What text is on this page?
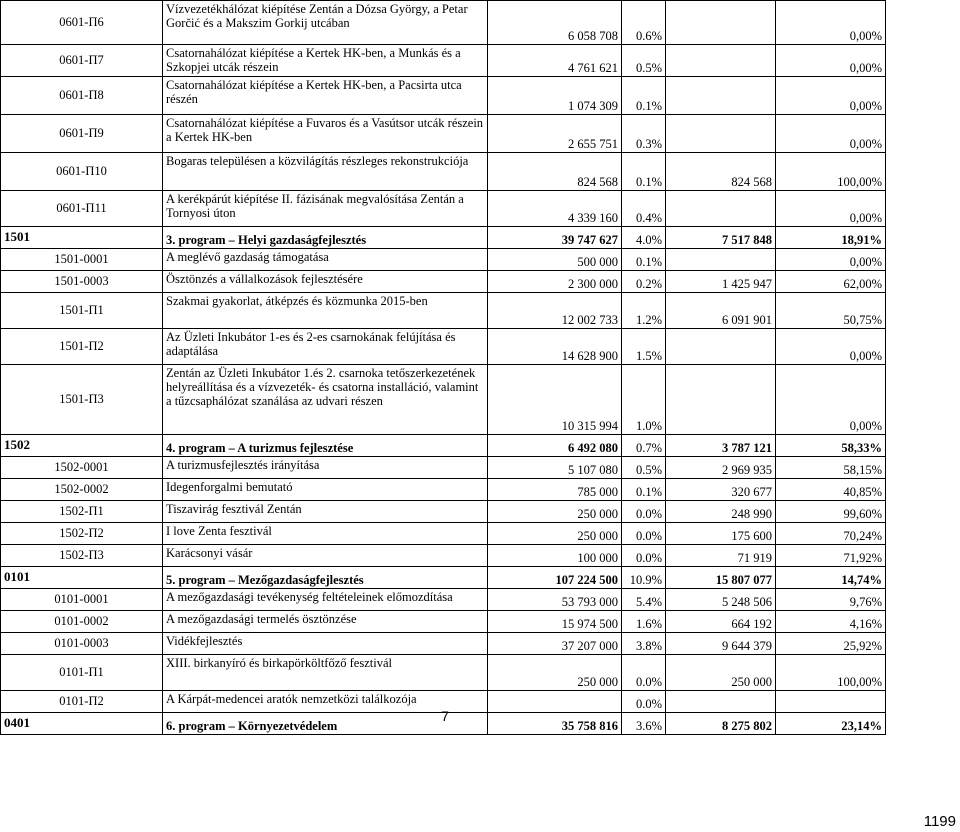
0601-П6		Vízvezetékhálózat kiépítése Zentán a Dózsa György, a Petar Gorčić és a Makszim Gorkij utcában	6 058 708	0.6%		0,00%
0601-П7		Csatornahálózat kiépítése a Kertek HK-ben, a Munkás és a Szkopjei utcák részein	4 761 621	0.5%		0,00%
0601-П8		Csatornahálózat kiépítése a Kertek HK-ben, a Pacsirta utca részén	1 074 309	0.1%		0,00%
0601-П9		Csatornahálózat kiépítése a Fuvaros és a Vasútsor utcák részein a Kertek HK-ben	2 655 751	0.3%		0,00%
0601-П10		Bogaras településen a közvilágítás részleges rekonstrukciója	824 568	0.1%	824 568	100,00%
0601-П11		A kerékpárút kiépítése II. fázisának megvalósítása Zentán a Tornyosi úton	4 339 160	0.4%		0,00%
1501		3. program – Helyi gazdaságfejlesztés	39 747 627	4.0%	7 517 848	18,91%
1501-0001		A meglévő gazdaság támogatása	500 000	0.1%		0,00%
1501-0003		Ösztönzés a vállalkozások fejlesztésére	2 300 000	0.2%	1 425 947	62,00%
1501-П1		Szakmai gyakorlat, átképzés és közmunka 2015-ben	12 002 733	1.2%	6 091 901	50,75%
1501-П2		Az Üzleti Inkubátor 1-es és 2-es csarnokának felújítása és adaptálása	14 628 900	1.5%		0,00%
1501-П3		Zentán az Üzleti Inkubátor 1.és 2. csarnoka tetőszerkezetének helyreállítása és a vízvezeték- és csatorna installáció, valamint a tűzcsaphálózat szanálása az udvari részen	10 315 994	1.0%		0,00%
1502		4. program – A turizmus fejlesztése	6 492 080	0.7%	3 787 121	58,33%
1502-0001		A turizmusfejlesztés irányítása	5 107 080	0.5%	2 969 935	58,15%
1502-0002		Idegenforgalmi bemutató	785 000	0.1%	320 677	40,85%
1502-П1		Tiszavirág fesztivál Zentán	250 000	0.0%	248 990	99,60%
1502-П2		I love Zenta fesztivál	250 000	0.0%	175 600	70,24%
1502-П3		Karácsonyi vásár	100 000	0.0%	71 919	71,92%
0101		5. program – Mezőgazdaságfejlesztés	107 224 500	10.9%	15 807 077	14,74%
0101-0001		A mezőgazdasági tevékenység feltételeinek előmozdítása	53 793 000	5.4%	5 248 506	9,76%
0101-0002		A mezőgazdasági termelés ösztönzése	15 974 500	1.6%	664 192	4,16%
0101-0003		Vidékfejlesztés	37 207 000	3.8%	9 644 379	25,92%
0101-П1		XIII. birkanyíró és birkapörköltfőző fesztivál	250 000	0.0%	250 000	100,00%
0101-П2		A Kárpát-medencei aratók nemzetközi találkozója		0.0%		
0401		6. program – Környezetvédelem	35 758 816	3.6%	8 275 802	23,14%
7
1199
